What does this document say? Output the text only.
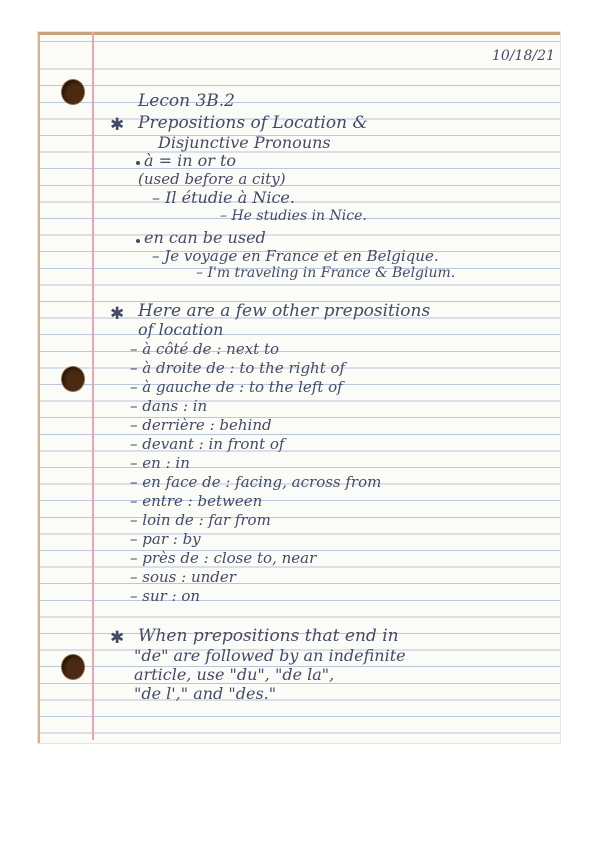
10/18/21
Lecon 3B.2
✱ Prepositions of Location &
Disjunctive Pronouns
à = in or to
(used before a city)
– Il étudie à Nice.
– He studies in Nice.
en can be used
– Je voyage en France et en Belgique.
– I'm traveling in France & Belgium.
✱ Here are a few other prepositions
of location
– à côté de : next to
– à droite de : to the right of
– à gauche de : to the left of
– dans : in
– derrière : behind
– devant : in front of
– en : in
– en face de : facing, across from
– entre : between
– loin de : far from
– par : by
– près de : close to, near
– sous : under
– sur : on
✱ When prepositions that end in
"de" are followed by an indefinite
article, use "du", "de la",
"de l'," and "des."
